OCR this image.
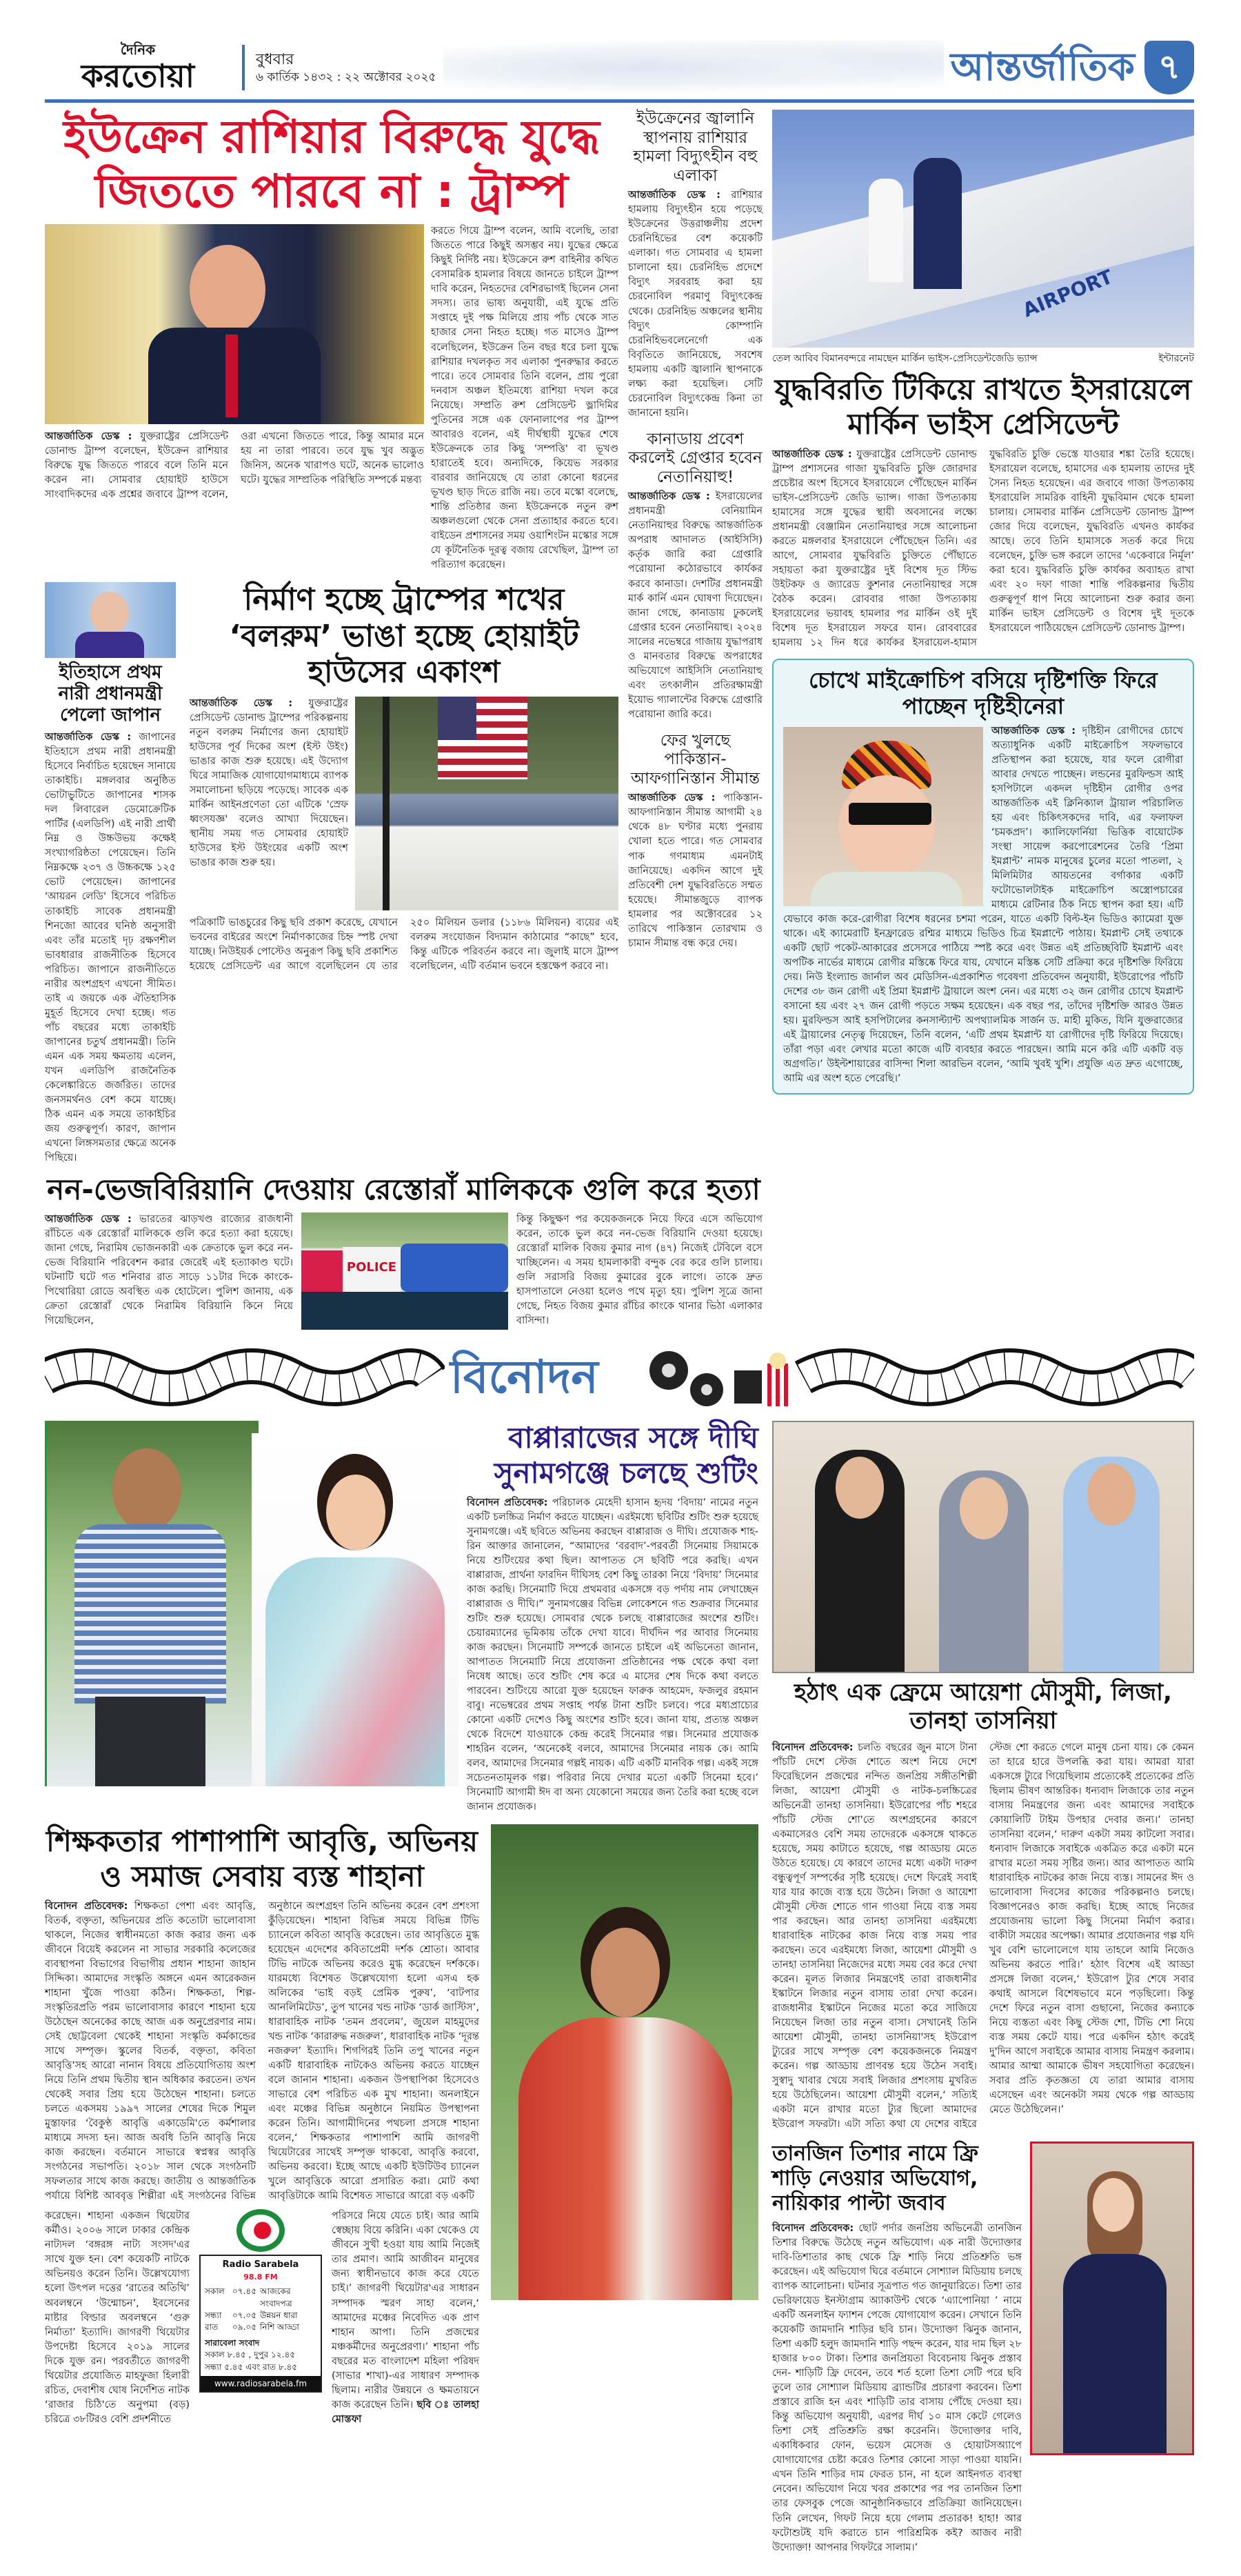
দৈনিক
করতোয়া	বুধবার
৬ কার্তিক ১৪৩২ : ২২ অক্টোবর ২০২৫	আন্তর্জাতিক ৭
ইউক্রেন রাশিয়ার বিরুদ্ধে যুদ্ধে জিততে পারবে না : ট্রাম্প
আন্তর্জাতিক ডেস্ক : যুক্তরাষ্ট্রের প্রেসিডেন্ট ডোনাল্ড ট্রাম্প বলেছেন, ইউক্রেন রাশিয়ার বিরুদ্ধে যুদ্ধ জিততে পারবে বলে তিনি মনে করেন না। সোমবার হোয়াইট হাউসে সাংবাদিকদের এক প্রশ্নের জবাবে ট্রাম্প বলেন, ওরা এখনো জিততে পারে, কিন্তু আমার মনে হয় না তারা পারবে। তবে যুদ্ধ খুব অদ্ভুত জিনিস, অনেক খারাপও ঘটে, অনেক ভালোও ঘটে। যুদ্ধের সাম্প্রতিক পরিস্থিতি সম্পর্কে মন্তব্য
করতে গিয়ে ট্রাম্প বলেন, আমি বলেছি, তারা জিততে পারে কিছুই অসম্ভব নয়। যুদ্ধের ক্ষেত্রে কিছুই নির্দিষ্ট নয়। ইউক্রেনে রুশ বাহিনীর কথিত বেসামরিক হামলার বিষয়ে জানতে চাইলে ট্রাম্প দাবি করেন, নিহতদের বেশিরভাগই ছিলেন সেনা সদস্য। তার ভাষ্য অনুযায়ী, এই যুদ্ধে প্রতি সপ্তাহে দুই পক্ষ মিলিয়ে প্রায় পাঁচ থেকে সাত হাজার সেনা নিহত হচ্ছে। গত মাসেও ট্রাম্প বলেছিলেন, ইউক্রেন তিন বছর ধরে চলা যুদ্ধে রাশিয়ার দখলকৃত সব এলাকা পুনরুদ্ধার করতে পারে। তবে সোমবার তিনি বলেন, প্রায় পুরো দনবাস অঞ্চল ইতিমধ্যে রাশিয়া দখল করে নিয়েছে। সম্প্রতি রুশ প্রেসিডেন্ট ভ্লাদিমির পুতিনের সঙ্গে এক ফোনালাপের পর ট্রাম্প আবারও বলেন, এই দীর্ঘস্থায়ী যুদ্ধের শেষে ইউক্রেনকে তার কিছু 'সম্পত্তি' বা ভূখণ্ড হারাতেই হবে। অন্যদিকে, কিয়েভ সরকার বারবার জানিয়েছে যে তারা কোনো ধরনের ভূখণ্ড ছাড় দিতে রাজি নয়। তবে মস্কো বলেছে, শান্তি প্রতিষ্ঠার জন্য ইউক্রেনকে নতুন রুশ অঞ্চলগুলো থেকে সেনা প্রত্যাহার করতে হবে। বাইডেন প্রশাসনের সময় ওয়াশিংটন মস্কোর সঙ্গে যে কূটনৈতিক দূরত্ব বজায় রেখেছিল, ট্রাম্প তা পরিত্যাগ করেছেন।
ইতিহাসে প্রথম নারী প্রধানমন্ত্রী পেলো জাপান
আন্তর্জাতিক ডেস্ক : জাপানের ইতিহাসে প্রথম নারী প্রধানমন্ত্রী হিসেবে নির্বাচিত হয়েছেন সানায়ে তাকাইচি। মঙ্গলবার অনুষ্ঠিত ভোটাভুটিতে জাপানের শাসক দল লিবারেল ডেমোক্রেটিক পার্টির (এলডিপি) এই নারী প্রার্থী নিম্ন ও উচ্চউভয় কক্ষেই সংখ্যাগরিষ্ঠতা পেয়েছেন। তিনি নিম্নকক্ষে ২৩৭ ও উচ্চকক্ষে ১২৫ ভোট পেয়েছেন। জাপানের 'আয়রন লেডি' হিসেবে পরিচিত তাকাইচি সাবেক প্রধানমন্ত্রী শিনজো আবের ঘনিষ্ঠ অনুসারী এবং তাঁর মতোই দৃঢ় রক্ষণশীল ভাবধারার রাজনীতিক হিসেবে পরিচিত। জাপানে রাজনীতিতে নারীর অংশগ্রহণ এখনো সীমিত। তাই এ জয়কে এক ঐতিহাসিক মুহূর্ত হিসেবে দেখা হচ্ছে। গত পাঁচ বছরের মধ্যে তাকাইচি জাপানের চতুর্থ প্রধানমন্ত্রী। তিনি এমন এক সময় ক্ষমতায় এলেন, যখন এলডিপি রাজনৈতিক কেলেঙ্কারিতে জর্জরিত। তাদের জনসমর্থনও বেশ কমে যাচ্ছে। ঠিক এমন এক সময়ে তাকাইচির জয় গুরুত্বপূর্ণ। কারণ, জাপান এখনো লিঙ্গসমতার ক্ষেত্রে অনেক পিছিয়ে।
নির্মাণ হচ্ছে ট্রাম্পের শখের ‘বলরুম’ ভাঙা হচ্ছে হোয়াইট হাউসের একাংশ
আন্তর্জাতিক ডেস্ক : যুক্তরাষ্ট্রের প্রেসিডেন্ট ডোনাল্ড ট্রাম্পের পরিকল্পনায় নতুন বলরুম নির্মাণের জন্য হোয়াইট হাউসের পূর্ব দিকের অংশ (ইস্ট উইং) ভাঙার কাজ শুরু হয়েছে। এই উদ্যোগ ঘিরে সামাজিক যোগাযোগমাধ্যমে ব্যাপক সমালোচনা ছড়িয়ে পড়েছে। সাবেক এক মার্কিন আইনপ্রণেতা তো এটিকে 'স্রেফ ধ্বংসযজ্ঞ' বলেও আখ্যা দিয়েছেন। স্থানীয় সময় গত সোমবার হোয়াইট হাউসের ইস্ট উইংয়ের একটি অংশ ভাঙার কাজ শুরু হয়।
পত্রিকাটি ভাঙচুরের কিছু ছবি প্রকাশ করেছে, যেখানে ভবনের বাইরের অংশে নির্মাণকাজের চিহ্ন স্পষ্ট দেখা যাচ্ছে। নিউইয়র্ক পোস্টেও অনুরূপ কিছু ছবি প্রকাশিত হয়েছে প্রেসিডেন্ট এর আগে বলেছিলেন যে তার ২৫০ মিলিয়ন ডলার (১১৮৬ মিলিয়ন) ব্যয়ের এই বলরুম সংযোজন বিদ্যমান কাঠামোর “কাছে” হবে, কিন্তু এটিকে পরিবর্তন করবে না। জুলাই মাসে ট্রাম্প বলেছিলেন, এটি বর্তমান ভবনে হস্তক্ষেপ করবে না।
ইউক্রেনের জ্বালানি স্থাপনায় রাশিয়ার হামলা বিদ্যুৎহীন বহু এলাকা
আন্তর্জাতিক ডেস্ক : রাশিয়ার হামলায় বিদ্যুৎহীন হয়ে পড়েছে ইউক্রেনের উত্তরাঞ্চলীয় প্রদেশ চেরনিহিভের বেশ কয়েকটি এলাকা। গত সোমবার এ হামলা চালানো হয়। চেরনিহিভ প্রদেশে বিদ্যুৎ সরবরাহ করা হয় চেরনোবিল পরমাণু বিদ্যুৎকেন্দ্র থেকে। চেরনিহিভ অঞ্চলের স্থানীয় বিদ্যুৎ কোম্পানি চেরনিহিভবলেনের্গো এক বিবৃতিতে জানিয়েছে, সবশেষ হামলায় একটি জ্বালানি স্থাপনাকে লক্ষ্য করা হয়েছিল। সেটি চেরনোবিল বিদ্যুৎকেন্দ্র কিনা তা জানানো হয়নি।
কানাডায় প্রবেশ করলেই গ্রেপ্তার হবেন নেতানিয়াহু!
আন্তর্জাতিক ডেস্ক : ইসরায়েলের প্রধানমন্ত্রী বেনিয়ামিন নেতানিয়াহুর বিরুদ্ধে আন্তর্জাতিক অপরাধ আদালত (আইসিসি) কর্তৃক জারি করা গ্রেপ্তারি পরোয়ানা কঠোরভাবে কার্যকর করবে কানাডা। দেশটির প্রধানমন্ত্রী মার্ক কার্নি এমন ঘোষণা দিয়েছেন। জানা গেছে, কানাডায় ঢুকলেই গ্রেপ্তার হবেন নেতানিয়াহু। ২০২৪ সালের নভেম্বরে গাজায় যুদ্ধাপরাধ ও মানবতার বিরুদ্ধে অপরাধের অভিযোগে আইসিসি নেতানিয়াহু এবং তৎকালীন প্রতিরক্ষামন্ত্রী ইয়োভ গ্যালান্টের বিরুদ্ধে গ্রেপ্তারি পরোয়ানা জারি করে।
ফের খুলছে পাকিস্তান-আফগানিস্তান সীমান্ত
আন্তর্জাতিক ডেস্ক : পাকিস্তান-আফগানিস্তান সীমান্ত আগামী ২৪ থেকে ৪৮ ঘণ্টার মধ্যে পুনরায় খোলা হতে পারে। গত সোমবার পাক গণমাধ্যম এমনটাই জানিয়েছে। একদিন আগে দুই প্রতিবেশী দেশ যুদ্ধবিরতিতে সম্মত হয়েছে। সীমান্তজুড়ে ব্যাপক হামলার পর অক্টোবরের ১২ তারিখে পাকিস্তান তোরখাম ও চামান সীমান্ত বন্ধ করে দেয়।
AIRPORT
তেল আবিব বিমানবন্দরে নামছেন মার্কিন ভাইস-প্রেসিডেন্টজেডি ভ্যান্স	ইন্টারনেট
যুদ্ধবিরতি টিকিয়ে রাখতে ইসরায়েলে মার্কিন ভাইস প্রেসিডেন্ট
আন্তর্জাতিক ডেস্ক : যুক্তরাষ্ট্রের প্রেসিডেন্ট ডোনাল্ড ট্রাম্প প্রশাসনের গাজা যুদ্ধবিরতি চুক্তি জোরদার প্রচেষ্টার অংশ হিসেবে ইসরায়েলে পৌঁছেছেন মার্কিন ভাইস-প্রেসিডেন্ট জেডি ভ্যান্স। গাজা উপত্যকায় হামাসের সঙ্গে যুদ্ধের স্থায়ী অবসানের লক্ষ্যে প্রধানমন্ত্রী বেঞ্জামিন নেতানিয়াহুর সঙ্গে আলোচনা করতে মঙ্গলবার ইসরায়েলে পৌঁছেছেন তিনি। এর আগে, সোমবার যুদ্ধবিরতি চুক্তিতে পৌঁছাতে সহায়তা করা যুক্তরাষ্ট্রের দুই বিশেষ দূত স্টিভ উইটকফ ও জ্যারেড কুশনার নেতানিয়াহুর সঙ্গে বৈঠক করেন। রোববার গাজা উপত্যকায় ইসরায়েলের ভয়াবহ হামলার পর মার্কিন ওই দুই বিশেষ দূত ইসরায়েল সফরে যান। রোববারের হামলায় ১২ দিন ধরে কার্যকর ইসরায়েল-হামাস যুদ্ধবিরতি চুক্তি ভেস্তে যাওয়ার শঙ্কা তৈরি হয়েছে। ইসরায়েল বলেছে, হামাসের এক হামলায় তাদের দুই সৈন্য নিহত হয়েছেন। এর জবাবে গাজা উপত্যকায় ইসরায়েলি সামরিক বাহিনী যুদ্ধবিমান থেকে হামলা চালায়। সোমবার মার্কিন প্রেসিডেন্ট ডোনাল্ড ট্রাম্প জোর দিয়ে বলেছেন, যুদ্ধবিরতি এখনও কার্যকর আছে। তবে তিনি হামাসকে সতর্ক করে দিয়ে বলেছেন, চুক্তি ভঙ্গ করলে তাদের ‘একেবারে নির্মূল’ করা হবে। যুদ্ধবিরতি চুক্তি কার্যকর অব্যাহত রাখা এবং ২০ দফা গাজা শান্তি পরিকল্পনার দ্বিতীয় গুরুত্বপূর্ণ ধাপ নিয়ে আলোচনা শুরু করার জন্য মার্কিন ভাইস প্রেসিডেন্ট ও বিশেষ দুই দূতকে ইসরায়েলে পাঠিয়েছেন প্রেসিডেন্ট ডোনাল্ড ট্রাম্প।
চোখে মাইক্রোচিপ বসিয়ে দৃষ্টিশক্তি ফিরে পাচ্ছেন দৃষ্টিহীনেরা
আন্তর্জাতিক ডেস্ক : দৃষ্টিহীন রোগীদের চোখে অত্যাধুনিক একটি মাইক্রোচিপ সফলভাবে প্রতিস্থাপন করা হয়েছে, যার ফলে রোগীরা আবার দেখতে পাচ্ছেন। লন্ডনের মুরফিল্ডস আই হসপিটালে একদল দৃষ্টিহীন রোগীর ওপর আন্তর্জাতিক এই ক্লিনিক্যাল ট্রায়াল পরিচালিত হয় এবং চিকিৎসকদের দাবি, এর ফলাফল ‘চমকপ্রদ’। ক্যালিফোর্নিয়া ভিত্তিক বায়োটেক সংস্থা সায়েন্স করপোরেশনের তৈরি ‘প্রিমা ইমপ্লান্ট’ নামক মানুষের চুলের মতো পাতলা, ২ মিলিমিটার আয়তনের বর্গাকার একটি ফটোভোলটাইক মাইক্রোচিপ অস্ত্রোপচারের মাধ্যমে রেটিনার ঠিক নিচে স্থাপন করা হয়। এটি যেভাবে কাজ করে-রোগীরা বিশেষ ধরনের চশমা পরেন, যাতে একটি বিল্ট-ইন ভিডিও ক্যামেরা যুক্ত থাকে। এই ক্যামেরাটি ইনফ্রারেড রশ্মির মাধ্যমে ভিডিও চিত্র ইমপ্লান্টে পাঠায়। ইমপ্লান্ট সেই তথ্যকে একটি ছোট পকেট-আকারের প্রসেসরে পাঠিয়ে স্পষ্ট করে এবং উন্নত এই প্রতিচ্ছবিটি ইমপ্লান্ট এবং অপটিক নার্ভের মাধ্যমে রোগীর মস্তিষ্কে ফিরে যায়, যেখানে মস্তিষ্ক সেটি প্রক্রিয়া করে দৃষ্টিশক্তি ফিরিয়ে দেয়। নিউ ইংল্যান্ড জার্নাল অব মেডিসিন-এপ্রকাশিত গবেষণা প্রতিবেদন অনুযায়ী, ইউরোপের পাঁচটি দেশের ৩৮ জন রোগী এই প্রিমা ইমপ্লান্ট ট্রায়ালে অংশ নেন। এর মধ্যে ৩২ জন রোগীর চোখে ইমপ্লান্ট বসানো হয় এবং ২৭ জন রোগী পড়তে সক্ষম হয়েছেন। এক বছর পর, তাঁদের দৃষ্টিশক্তি আরও উন্নত হয়। মুরফিল্ডস আই হসপিটালের কনসাল্ট্যান্ট অপথ্যালমিক সার্জন ড. মাহী মুকিত, যিনি যুক্তরাজ্যের এই ট্রায়ালের নেতৃত্ব দিয়েছেন, তিনি বলেন, ‘এটি প্রথম ইমপ্লান্ট যা রোগীদের দৃষ্টি ফিরিয়ে দিয়েছে। তাঁরা পড়া এবং লেখার মতো কাজে এটি ব্যবহার করতে পারছেন। আমি মনে করি এটি একটি বড় অগ্রগতি।’ উইল্টশায়ারের বাসিন্দা শিলা আরভিন বলেন, ‘আমি খুবই খুশি। প্রযুক্তি এত দ্রুত এগোচ্ছে, আমি এর অংশ হতে পেরেছি।’
নন-ভেজবিরিয়ানি দেওয়ায় রেস্তোরাঁ মালিককে গুলি করে হত্যা
আন্তর্জাতিক ডেস্ক : ভারতের ঝাড়খণ্ড রাজ্যের রাজধানী রাঁচিতে এক রেস্তোরাঁ মালিককে গুলি করে হত্যা করা হয়েছে। জানা গেছে, নিরামিষ ভোজনকারী এক ক্রেতাকে ভুল করে নন-ভেজ বিরিয়ানি পরিবেশন করার জেরেই এই হত্যাকাণ্ড ঘটে। ঘটনাটি ঘটে গত শনিবার রাত সাড়ে ১১টার দিকে কাংকে-পিথোরিয়া রোডে অবস্থিত এক হোটেলে। পুলিশ জানায়, এক ক্রেতা রেস্তোরাঁ থেকে নিরামিষ বিরিয়ানি কিনে নিয়ে গিয়েছিলেন,
POLICE
কিন্তু কিছুক্ষণ পর কয়েকজনকে নিয়ে ফিরে এসে অভিযোগ করেন, তাকে ভুল করে নন-ভেজ বিরিয়ানি দেওয়া হয়েছে। রেস্তোরাঁ মালিক বিজয় কুমার নাগ (৪৭) নিজেই টেবিলে বসে খাচ্ছিলেন। এ সময় হামলাকারী বন্দুক বের করে গুলি চালায়। গুলি সরাসরি বিজয় কুমারের বুকে লাগে। তাকে দ্রুত হাসপাতালে নেওয়া হলেও পথে মৃত্যু হয়। পুলিশ সূত্রে জানা গেছে, নিহত বিজয় কুমার রাঁচির কাংকে থানার ভিঠা এলাকার বাসিন্দা।
বিনোদন
বাপ্পারাজের সঙ্গে দীঘি সুনামগঞ্জে চলছে শুটিং
বিনোদন প্রতিবেদক: পরিচালক মেহেদী হাসান হৃদয় ‘বিদায়’ নামের নতুন একটি চলচ্চিত্র নির্মাণ করতে যাচ্ছেন। এরইমধ্যে ছবিটির শুটিং শুরু হয়েছে সুনামগঞ্জে। এই ছবিতে অভিনয় করছেন বাপ্পারাজ ও দীঘি। প্রযোজক শাহ-রিন আক্তার জানালেন, “আমাদের ‘বরবাদ’-পরবর্তী সিনেমায় সিয়ামকে নিয়ে শুটিংয়ের কথা ছিল। আপাতত সে ছবিটি পরে করছি। এখন বাপ্পারাজ, প্রার্থনা ফারদিন দীঘিসহ বেশ কিছু তারকা নিয়ে ‘বিদায়’ সিনেমার কাজ করছি। সিনেমাটি দিয়ে প্রথমবার একসঙ্গে বড় পর্দায় নাম লেখাচ্ছেন বাপ্পারাজ ও দীঘি।” সুনামগঞ্জের বিভিন্ন লোকেশনে গত শুক্রবার সিনেমার শুটিং শুরু হয়েছে। সোমবার থেকে চলছে বাপ্পারাজের অংশের শুটিং। চেয়ারম্যানের ভূমিকায় তাঁকে দেখা যাবে। দীর্ঘদিন পর আবার সিনেমায় কাজ করছেন। সিনেমাটি সম্পর্কে জানতে চাইলে এই অভিনেতা জানান, আপাতত সিনেমাটি নিয়ে প্রযোজনা প্রতিষ্ঠানের পক্ষ থেকে কথা বলা নিষেধ আছে। তবে শুটিং শেষ করে এ মাসের শেষ দিকে কথা বলতে পারবেন। শুটিংয়ে আরো যুক্ত হয়েছেন ফারুক আহমেদ, ফজলুর রহমান বাবু। নভেম্বরের প্রথম সপ্তাহ পর্যন্ত টানা শুটিং চলবে। পরে মধ্যপ্রাচ্যের কোনো একটি দেশেও কিছু অংশের শুটিং হবে। জানা যায়, প্রত্যন্ত অঞ্চল থেকে বিদেশে যাওয়াকে কেন্দ্র করেই সিনেমার গল্প। সিনেমার প্রযোজক শাহরিন বলেন, ‘অনেকেই বলবে, আমাদের সিনেমার নায়ক কে। আমি বলব, আমাদের সিনেমার গল্পই নায়ক। এটি একটি মানবিক গল্প। একই সঙ্গে সচেতনতামূলক গল্প। পরিবার নিয়ে দেখার মতো একটি সিনেমা হবে।’ সিনেমাটি আগামী ঈদ বা অন্য যেকোনো সময়ের জন্য তৈরি করা হচ্ছে বলে জানান প্রযোজক।
শিক্ষকতার পাশাপাশি আবৃত্তি, অভিনয় ও সমাজ সেবায় ব্যস্ত শাহানা
বিনোদন প্রতিবেদক: শিক্ষকতা পেশা এবং আবৃত্তি, বিতর্ক, বক্তৃতা, অভিনয়ের প্রতি কতোটা ভালোবাসা থাকলে, নিজের স্বাধীনমতো কাজ করার জন্য এক জীবনে বিয়েই করলেন না সাভার সরকারি কলেজের ব্যবস্থাপনা বিভাগের বিভাগীয় প্রধান শাহানা জাহান সিদ্দিকা। আমাদের সংস্কৃতি অঙ্গনে এমন আরেকজন শাহানা খুঁজে পাওয়া কঠিন। শিক্ষকতা, শিল্প-সংস্কৃতিরপ্রতি পরম ভালোবাসার কারণে শাহানা হয়ে উঠেছেন অনেকের কাছে আজ এক অনুপ্রেরণার নাম। সেই ছোট্টবেলা থেকেই শাহানা সংস্কৃতি কর্মকান্ডের সাথে সম্পৃক্ত। স্কুলের বিতর্ক, বক্তৃতা, কবিতা আবৃত্তি'সহ আরো নানান বিষয়ে প্রতিযোগিতায় অংশ নিয়ে তিনি প্রথম দ্বিতীয় স্থান অধিকার করতেন। তখন থেকেই সবার প্রিয় হয়ে উঠেছেন শাহানা। চলতে চলতে একসময় ১৯৯৭ সালের শেষের দিকে শিমুল মুস্তাফার ‘বৈকুণ্ঠ আবৃত্তি একাডেমি'তে কর্মশালার মাধ্যমে সদস্য হন। আজ অবধি তিনি আবৃত্তি নিয়ে কাজ করছেন। বর্তমানে সাভারে স্বপ্নস্বর আবৃত্তি সংগঠনের সভাপতি। ২০১৮ সাল থেকে সংগঠনটি সফলতার সাথে কাজ করছে। জাতীয় ও আন্তর্জাতিক পর্যায়ে বিশিষ্ট আববৃত্ত শিল্পীরা এই সংগঠনের বিভিন্ন অনুষ্ঠানে অংশগ্রহণ তিনি অভিনয় করেন বেশ প্রশংসা কুঁড়িয়েছেন। শাহানা বিভিন্ন সময়ে বিভিন্ন টিভি চ্যানেলে কবিতা আবৃত্তি করেছেন। তার আবৃত্তিতে মুগ্ধ হয়েছেন এদেশের কবিতাপ্রেমী দর্শক শ্রোতা। আবার টিভি নাটকে অভিনয় করেও মুগ্ধ করেছেন দর্শককে। যারমধ্যে বিশেষত উল্লেখযোগ্য হলো এসএ হক অলিকের ‘ভাই বড়ই প্রেমিক পুরুষ’, ‘বাটপার আনলিমিটেড’, তুপ খানের খন্ড নাটক ‘ডার্ক জাস্টিস’, ধারাবাহিক নাটক ‘তমন প্রবলেম’, জুয়েল মাহমুদের খন্ড নাটক ‘কারারুদ্ধ নজরুল’, ধারাবাহিক নাটক ‘দূরন্ত নজরুল’ ইত্যাদি। শিগগিরই তিনি তপু খানের নতুন একটি ধারাবাহিক নাটকেও অভিনয় করতে যাচ্ছেন বলে জানান শাহানা। একজন উপস্থাপিকা হিসেবেও সাভারে বেশ পরিচিত এক মুখ শাহানা। অনলাইনে এবং মঞ্চের বিভিন্ন অনুষ্ঠানে নিয়মিত উপস্থাপনা করেন তিনি। আগামীদিনের পথচলা প্রসঙ্গে শাহানা বলেন,‘ শিক্ষকতার পাশাপাশি আমি জাগরণী থিয়েটারের সাথেই সম্পৃক্ত থাকবো, আবৃত্তি করবো, অভিনয় করবো। ইচ্ছে আছে একটি ইউটিউব চ্যানেল খুলে আবৃত্তিকে আরো প্রসারিত করা। মোট কথা আবৃত্তিটাকে আমি বিশেষত সাভারে আরো বড় একটি
করেছেন। শাহানা একজন থিয়েটার কর্মীও। ২০০৬ সালে ঢাকার কেন্দ্রিক নাট্যদল ‘বঙ্গরঙ্গ নাট্য সংসদ'এর সাথে যুক্ত হন। বেশ কয়েকটি নাটকে অভিনয়ও করেন তিনি। উল্লেখযোগ্য হলো উৎপল দত্তের ‘রাতের অতিথি’ অবলম্বনে ‘উন্মোচন’, ইবসেনের মাষ্টার বিল্ডার অবলম্বনে ‘গুরু নির্মাতা’ ইত্যাদি। জাগরণী থিয়েটার উপদেষ্টা হিসেবে ২০১৯ সালের দিকে যুক্ত রন। পরবর্তীতে জাগরণী থিয়েটার প্রযোজিত মাহফুজা হিলারী রচিত, দেবাশীষ ঘোষ নির্দেশিত নাটক ‘রাজার চিঠি'তে অনুপমা (বড়) চরিত্রে ৩৮টিরও বেশি প্রদর্শনীতে
Radio Sarabela
98.8 FM
সকাল ০৭.৪৫ আজকের সংবাদপত্র
সন্ধ্যা	০৭.০৫ উন্নয়ন ধারা
রাত	০৯.০৫ নিশি আড্ডা
সারাবেলা সংবাদ
সকাল ৮.৪৫ , দুপুর ১২.৪৫
সন্ধ্যা ৫.৪৫ এবং রাত ৮.৪৫
www.radiosarabela.fm
পরিসরে নিয়ে যেতে চাই। আর আমি স্বেচ্ছায় বিয়ে করিনি। একা থেকেও যে জীবনে সুখী হওয়া যায় আমি নিজেই তার প্রমাণ। আমি আজীবন মানুষের জন্য স্বাধীনভাবে কাজ করে যেতে চাই।’ জাগরণী থিয়েটার'এর সাধারন সম্পাদক স্মরণ সাহা বলেন,‘ আমাদের মঞ্চের নিবেদিত এক প্রাণ শাহান আপা। তিনি প্রজন্মের মঞ্চকর্মীদের অনুপ্রেরণা।’ শাহানা পাঁচ বছরের মত বাংলাদেশ মহিলা পরিষদ (সাভার শাখা)-এর সাধারণ সম্পাদক ছিলাম। নারীর উন্নয়নে ও ক্ষমতায়নে কাজ করেছেন তিনি। ছবি ঃ তালহা মোস্তফা
হঠাৎ এক ফ্রেমে আয়েশা মৌসুমী, লিজা, তানহা তাসনিয়া
বিনোদন প্রতিবেদক: চলতি বছরের জুন মাসে টানা পাঁচটি দেশে স্টেজ শোতে অংশ নিয়ে দেশে ফিরেছিলেন প্রজন্মের নন্দিত জনপ্রিয় সঙ্গীতশিল্পী লিজা, আয়েশা মৌসুমী ও নাটক-চলচ্চিত্রের অভিনেত্রী তানহা তাসনিয়া। ইউরোপের পাঁচ শহরে পাঁচটি স্টেজ শো'তে অংশগ্রহনের কারণে একমাসেরও বেশি সময় তাদেরকে একসঙ্গে থাকতে হয়েছে, সময় কাটাতে হয়েছে, গল্প আড্ডায় মেতে উঠতে হয়েছে। যে কারণে তাদের মধ্যে একটা দারুণ বন্ধুত্বপূর্ণ সম্পর্কের সৃষ্টি হয়েছে। দেশে ফিরেই সবাই যার যার কাজে ব্যস্ত হয়ে উঠেন। লিজা ও আয়েশা মৌসুমী স্টেজ শোতে গান গাওয়া নিয়ে ব্যস্ত সময় পার করছেন। আর তানহা তাসনিয়া এরইমধ্যে ধারাবাহিক নাটকের কাজ নিয়ে ব্যস্ত সময় পার করছেন। তবে এরইমধ্যে লিজা, আয়েশা মৌসুমী ও তানহা তাসনিয়া নিজেদের মধ্যে সময় বের করে দেখা করেন। মূলত লিজার নিমন্ত্রণেই তারা রাজধানীর ইস্কাটনে লিজার নতুন বাসায় তারা দেখা করেন। রাজধানীর ইস্কাটনে নিজের মতো করে সাজিয়ে নিয়েছেন লিজা তার নতুন বাসা। সেখানেই তিনি আয়েশা মৌসুমী, তানহা তাসনিয়া'সহ ইউরোপ ট্যুরের সাথে সম্পৃক্ত বেশ কয়েকজনকে নিমন্ত্রণ করেন। গল্প আড্ডায় প্রাণবন্ত হয়ে উঠেন সবাই। সুস্বাদু খাবার খেয়ে সবাই লিজার প্রশংসায় মুখরিত হয়ে উঠেছিলেন। আয়েশা মৌসুমী বলেন,‘ সত্যিই একটা মনে রাখার মতো ট্যুর ছিলো আমাদের ইউরোপ সফরটা। এটা সত্যি কথা যে দেশের বাইরে স্টেজ শো করতে গেলে মানুষ চেনা যায়। কে কেমন তা হারে হারে উপলব্ধি করা যায়। আমরা যারা একসঙ্গে ট্যুরে গিয়েছিলাম প্রত্যেকেই প্রত্যেকের প্রতি ছিলাম ভীষণ আন্তরিক। ধন্যবাদ লিজাকে তার নতুন বাসায় নিমন্ত্রণের জন্য এবং আমাদের সবাইকে কোয়ালিটি টাইম উপহার দেবার জন্য।’ তানহা তাসনিয়া বলেন,‘ দারুণ একটা সময় কাটলো সবার। ধন্যবাদ লিজাকে সবাইকে একত্রিত করে একটা মনে রাখার মতো সময় সৃষ্টির জন্য। আর আপাতত আমি ধারাবাহিক নাটকের কাজ নিয়ে ব্যস্ত। সামনের ঈদ ও ভালোবাসা দিবসের কাজের পরিকল্পনাও চলছে। বিজ্ঞাপনেরও কাজ করছি। ইচ্ছে আছে নিজের প্রযোজনায় ভালো কিছু সিনেমা নির্মাণ করার। বাকীটা সময়ের অপেক্ষা। আমার প্রযোজনার গল্প যদি খুব বেশি ভালোলেগে যায় তাহলে আমি নিজেও অভিনয় করতে পারি।’ হঠাৎ বিশেষ এই আড্ডা প্রসঙ্গে লিজা বলেন,‘ ইউরোপ ট্যুর শেষে সবার কথাই আসলে বিশেষভাবে মনে পড়ছিলো। কিন্তু দেশে ফিরে নতুন বাসা গুছানো, নিজের কন্যাকে নিয়ে ব্যস্ততা এবং কিছু স্টেজ শো, টিভি শো নিয়ে ব্যস্ত সময় কেটে যায়। পরে একদিন হঠাৎ করেই দু'দিন আগে সবাইকে আমার বাসায় নিমন্ত্রণ করলাম। আমার আম্মা আমাকে ভীষণ সহযোগিতা করেছেন। সবার প্রতি কৃতজ্ঞতা যে তারা আমার বাসায় এসেছেন এবং অনেকটা সময় থেকে গল্প আড্ডায় মেতে উঠেছিলেন।’
তানজিন তিশার নামে ফ্রি শাড়ি নেওয়ার অভিযোগ, নায়িকার পাল্টা জবাব
বিনোদন প্রতিবেদক: ছোট পর্দার জনপ্রিয় অভিনেত্রী তানজিন তিশার বিরুদ্ধে উঠেছে নতুন অভিযোগ। এক নারী উদ্যোক্তার দাবি-তিশাতার কাছ থেকে ফ্রি শাড়ি নিয়ে প্রতিশ্রুতি ভঙ্গ করেছেন। এই অভিযোগ ঘিরে বর্তমানে সোশ্যাল মিডিয়ায় চলছে ব্যাপক আলোচনা। ঘটনার সূত্রপাত গত জানুয়ারিতে। তিশা তার ভেরিফায়েড ইনস্টাগ্রাম অ্যাকাউন্ট থেকে ‘এ্যাপোনিয়া ’ নামে একটি অনলাইন ফ্যাশন পেজে যোগাযোগ করেন। সেখানে তিনি কয়েকটি জামদানি শাড়ির ছবি চান। উদ্যোক্তা ঝিনুক জানান, তিশা একটি হলুদ জামদানি শাড়ি পছন্দ করেন, যার দাম ছিল ২৮ হাজার ৮০০ টাকা। তিশার জনপ্রিয়তা বিবেচনায় ঝিনুক প্রস্তাব দেন- শাড়িটি ফ্রি দেবেন, তবে শর্ত হলো তিশা সেটি পরে ছবি তুলে তার সোশ্যাল মিডিয়ায় ব্র্যান্ডটির প্রচারণা করবেন। তিশা প্রস্তাবে রাজি হন এবং শাড়িটি তার বাসায় পৌঁছে দেওয়া হয়। কিন্তু অভিযোগ অনুযায়ী, এরপর দীর্ঘ ১০ মাস কেটে গেলেও তিশা সেই প্রতিশ্রুতি রক্ষা করেননি। উদ্যোক্তার দাবি, একাধিকবার ফোন, ভয়েস মেসেজ ও হোয়াটসঅ্যাপে যোগাযোগের চেষ্টা করেও তিশার কোনো সাড়া পাওয়া যায়নি। এখন তিনি শাড়ির দাম ফেরত চান, না হলে আইনগত ব্যবস্থা নেবেন। অভিযোগ নিয়ে খবর প্রকাশের পর পর তানজিন তিশা তার ফেসবুক পেজে আনুষ্ঠানিকভাবে প্রতিক্রিয়া জানিয়েছেন। তিনি লেখেন, গিফট নিয়ে হয়ে গেলাম প্রতারক! হাহা! আর ফটোশুটই যদি করাতে চান পারিশ্রমিক কই? আজব নারী উদ্যোক্তা! আপনার গিফটরে সালাম।’
